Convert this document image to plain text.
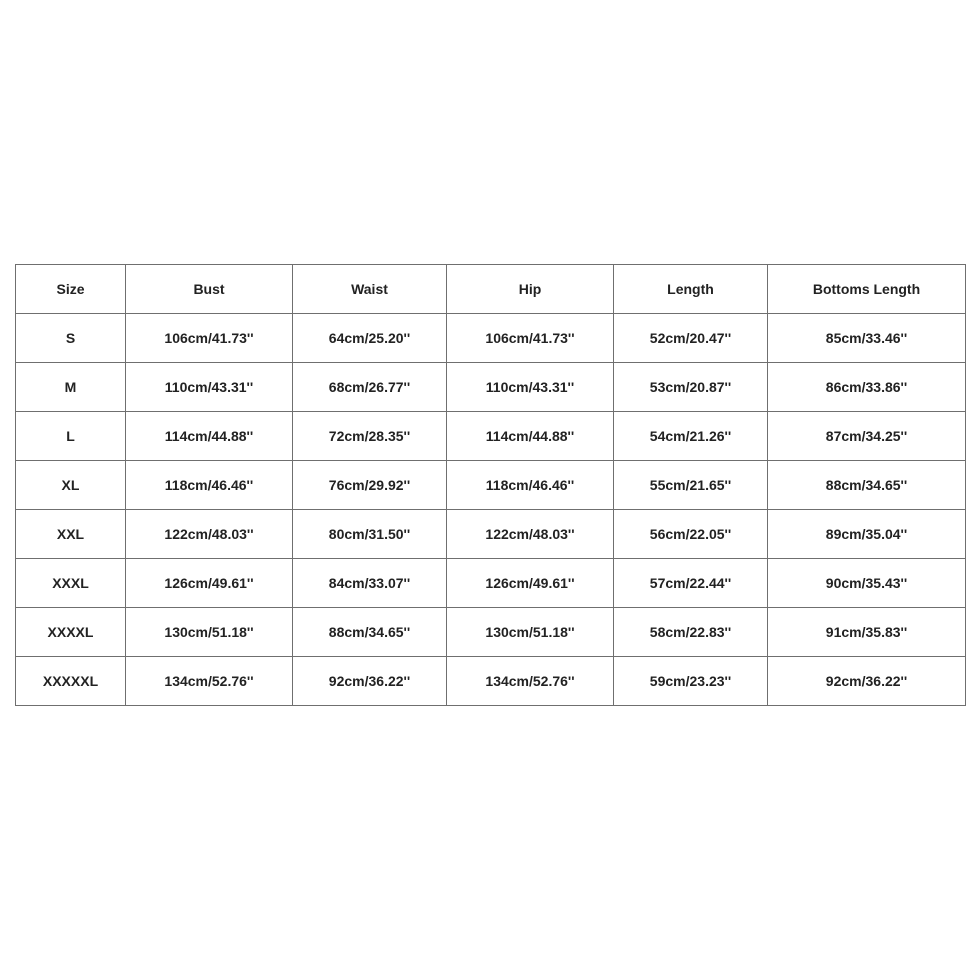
Size	Bust	Waist	Hip	Length	Bottoms Length
S	106cm/41.73''	64cm/25.20''	106cm/41.73''	52cm/20.47''	85cm/33.46''
M	110cm/43.31''	68cm/26.77''	110cm/43.31''	53cm/20.87''	86cm/33.86''
L	114cm/44.88''	72cm/28.35''	114cm/44.88''	54cm/21.26''	87cm/34.25''
XL	118cm/46.46''	76cm/29.92''	118cm/46.46''	55cm/21.65''	88cm/34.65''
XXL	122cm/48.03''	80cm/31.50''	122cm/48.03''	56cm/22.05''	89cm/35.04''
XXXL	126cm/49.61''	84cm/33.07''	126cm/49.61''	57cm/22.44''	90cm/35.43''
XXXXL	130cm/51.18''	88cm/34.65''	130cm/51.18''	58cm/22.83''	91cm/35.83''
XXXXXL	134cm/52.76''	92cm/36.22''	134cm/52.76''	59cm/23.23''	92cm/36.22''
